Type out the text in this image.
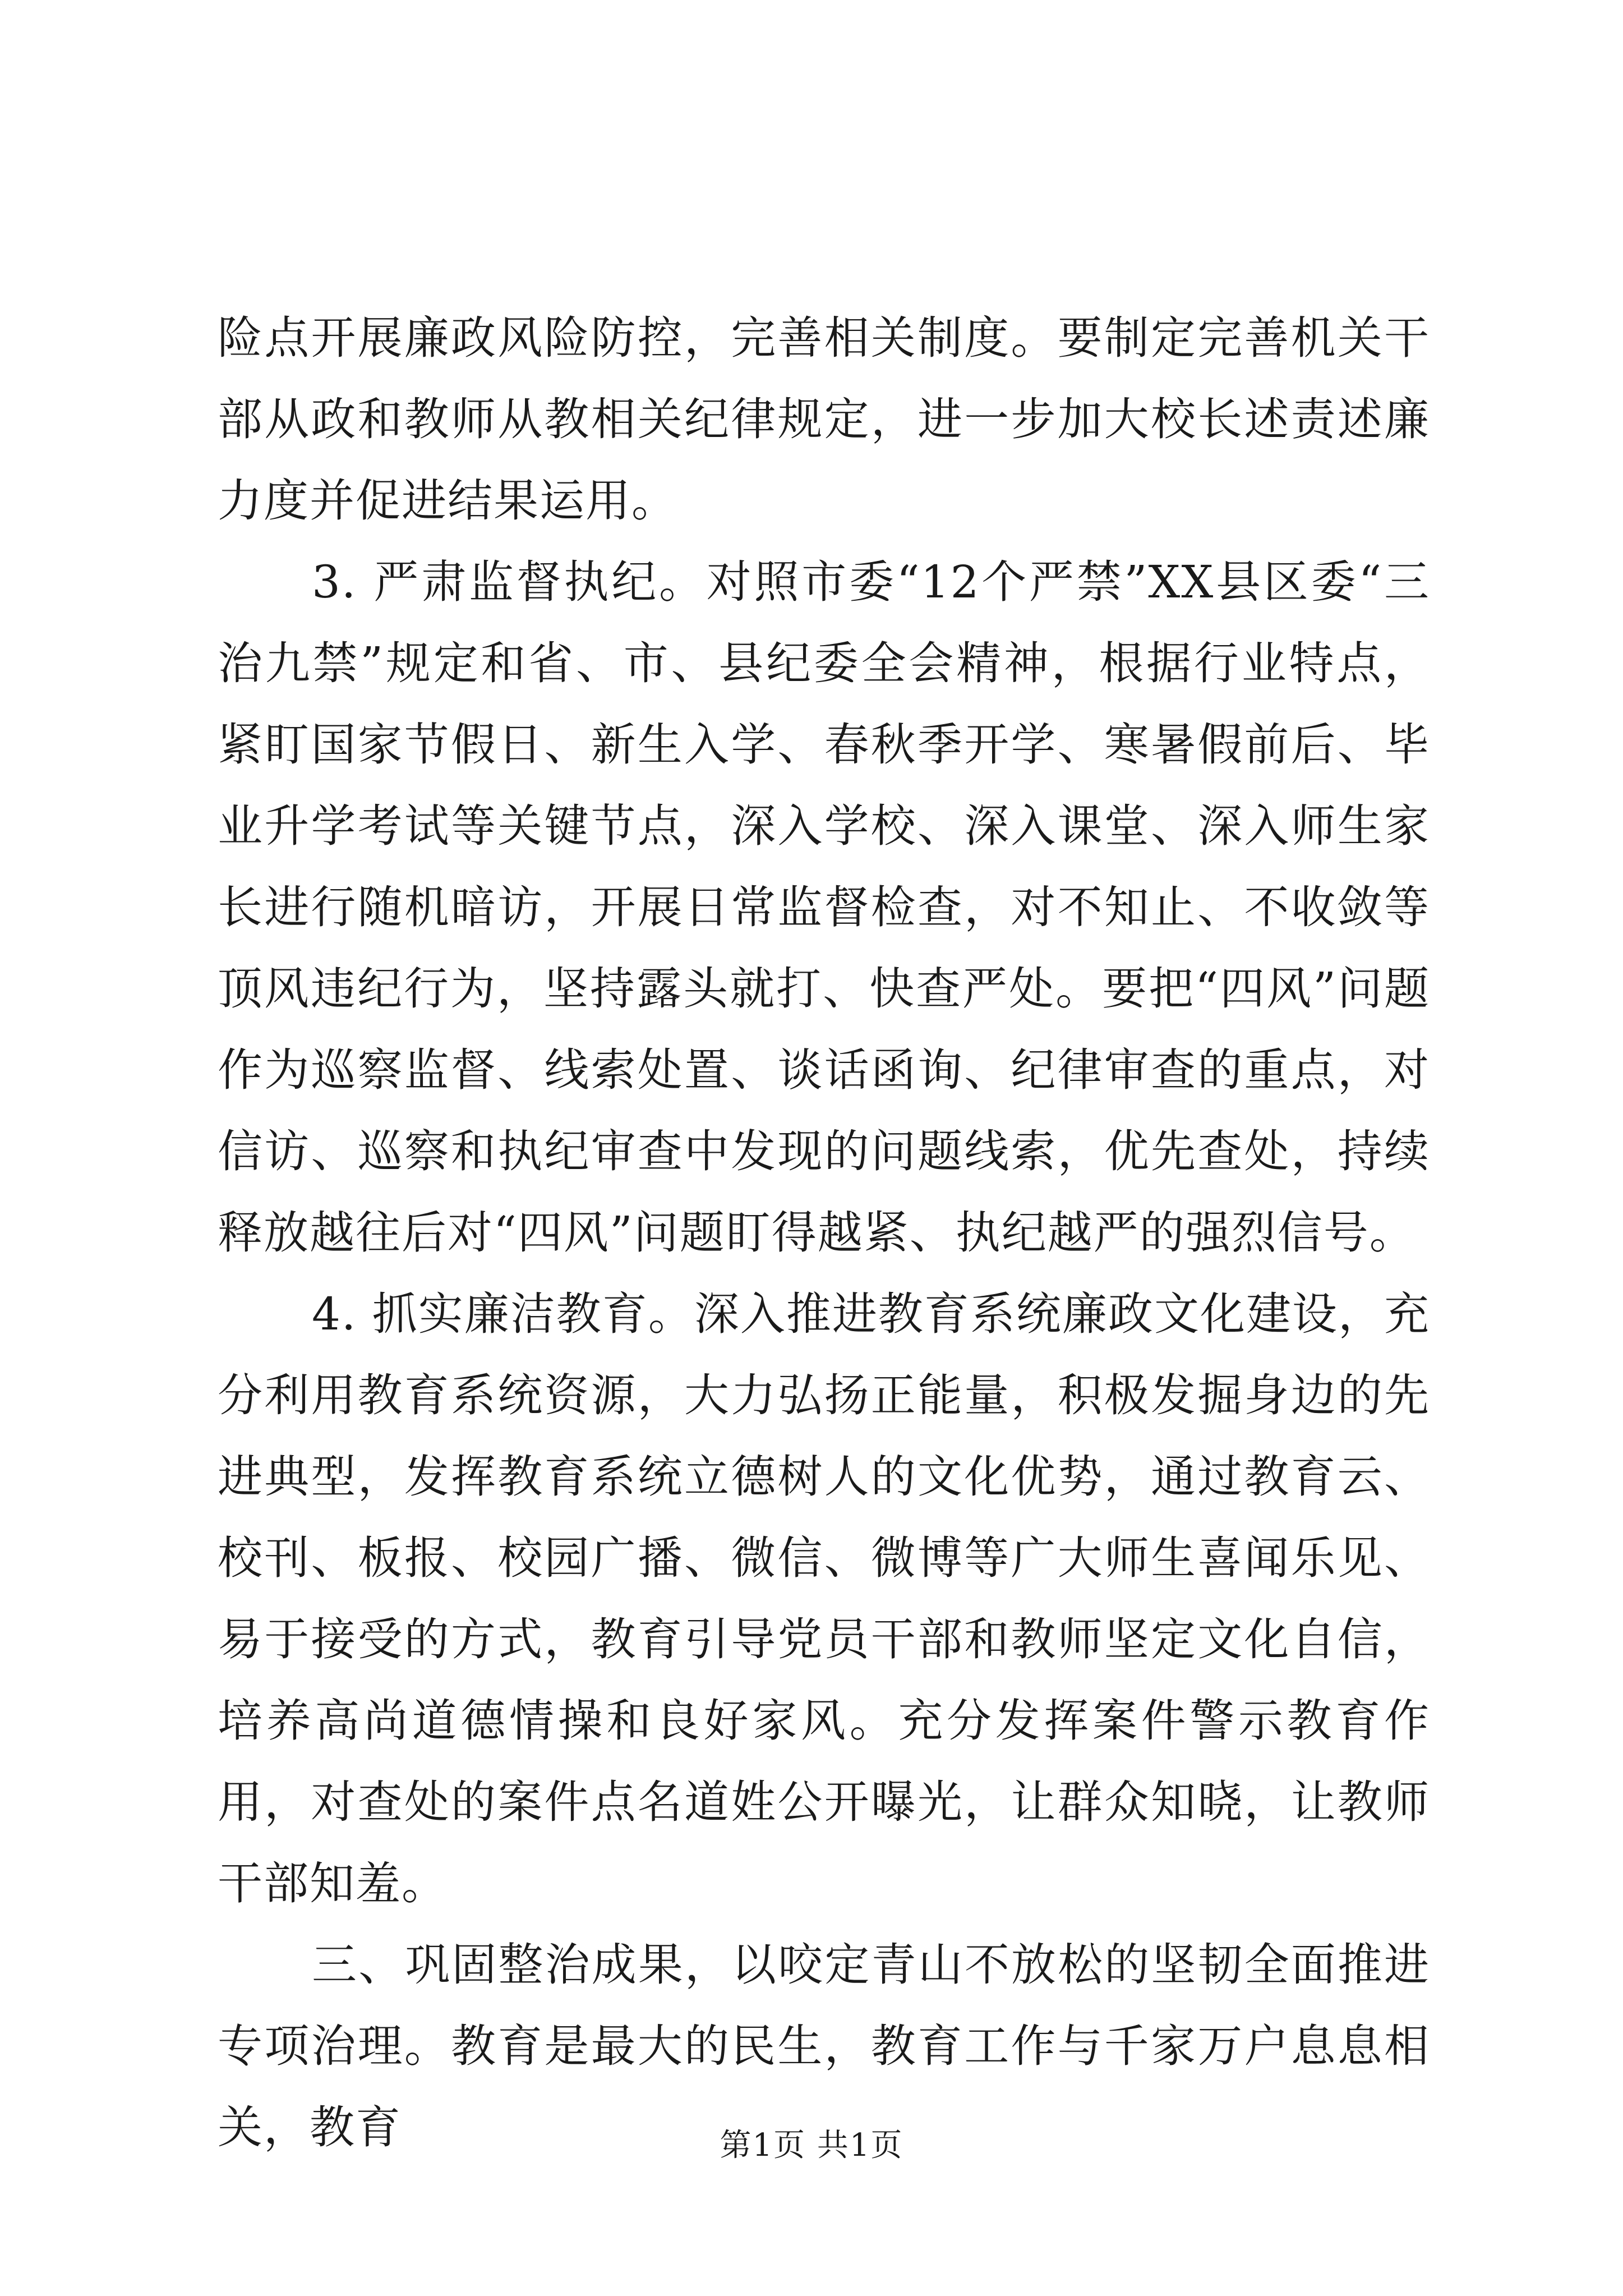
险点开展廉政风险防控，完善相关制度。要制定完善机关干部从政和教师从教相关纪律规定，进一步加大校长述责述廉力度并促进结果运用。

3. 严肃监督执纪。对照市委“12个严禁”XX县区委“三治九禁”规定和省、市、县纪委全会精神，根据行业特点，紧盯国家节假日、新生入学、春秋季开学、寒暑假前后、毕业升学考试等关键节点，深入学校、深入课堂、深入师生家长进行随机暗访，开展日常监督检查，对不知止、不收敛等顶风违纪行为，坚持露头就打、快查严处。要把“四风”问题作为巡察监督、线索处置、谈话函询、纪律审查的重点，对信访、巡察和执纪审查中发现的问题线索，优先查处，持续释放越往后对“四风”问题盯得越紧、执纪越严的强烈信号。

4. 抓实廉洁教育。深入推进教育系统廉政文化建设，充分利用教育系统资源，大力弘扬正能量，积极发掘身边的先进典型，发挥教育系统立德树人的文化优势，通过教育云、校刊、板报、校园广播、微信、微博等广大师生喜闻乐见、易于接受的方式，教育引导党员干部和教师坚定文化自信，培养高尚道德情操和良好家风。充分发挥案件警示教育作用，对查处的案件点名道姓公开曝光，让群众知晓，让教师干部知羞。

三、巩固整治成果，以咬定青山不放松的坚韧全面推进专项治理。教育是最大的民生，教育工作与千家万户息息相关，教育	第1页 共1页
